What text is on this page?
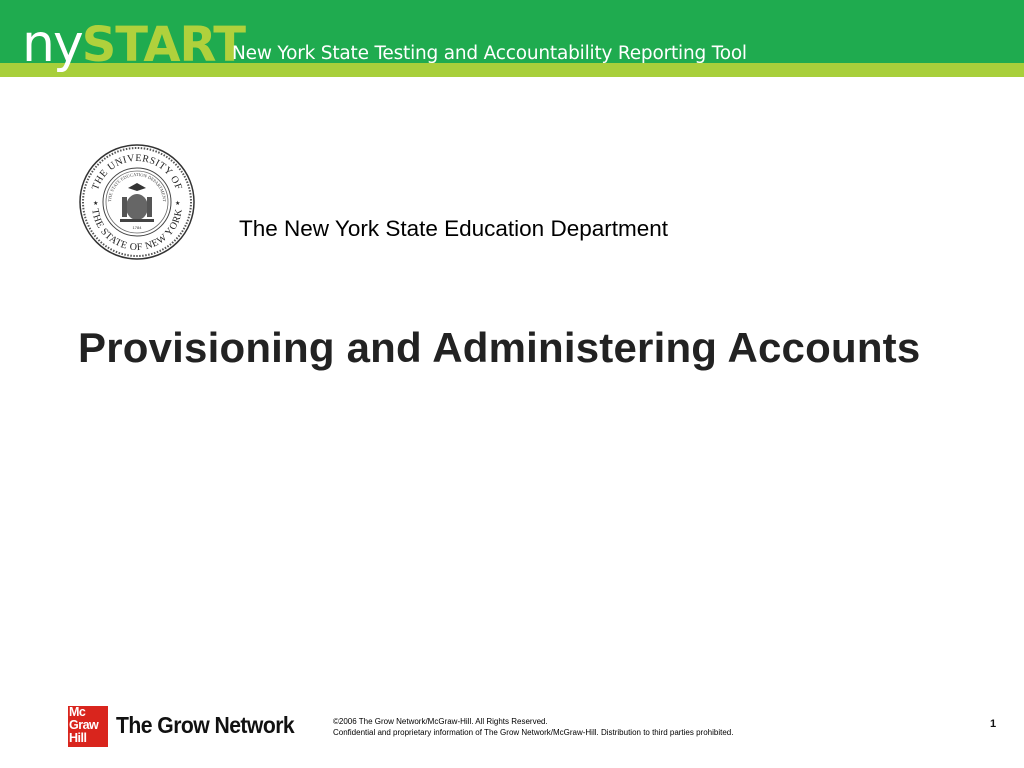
nySTART
New York State Testing and Accountability Reporting Tool
THE UNIVERSITY OF
THE STATE OF NEW YORK
THE STATE EDUCATION DEPARTMENT
★	★
1784	The New York State Education Department
Provisioning and Administering Accounts
Mc
Graw
Hill	The Grow Network	©2006 The Grow Network/McGraw-Hill. All Rights Reserved.
Confidential and proprietary information of The Grow Network/McGraw-Hill. Distribution to third parties prohibited.
1
